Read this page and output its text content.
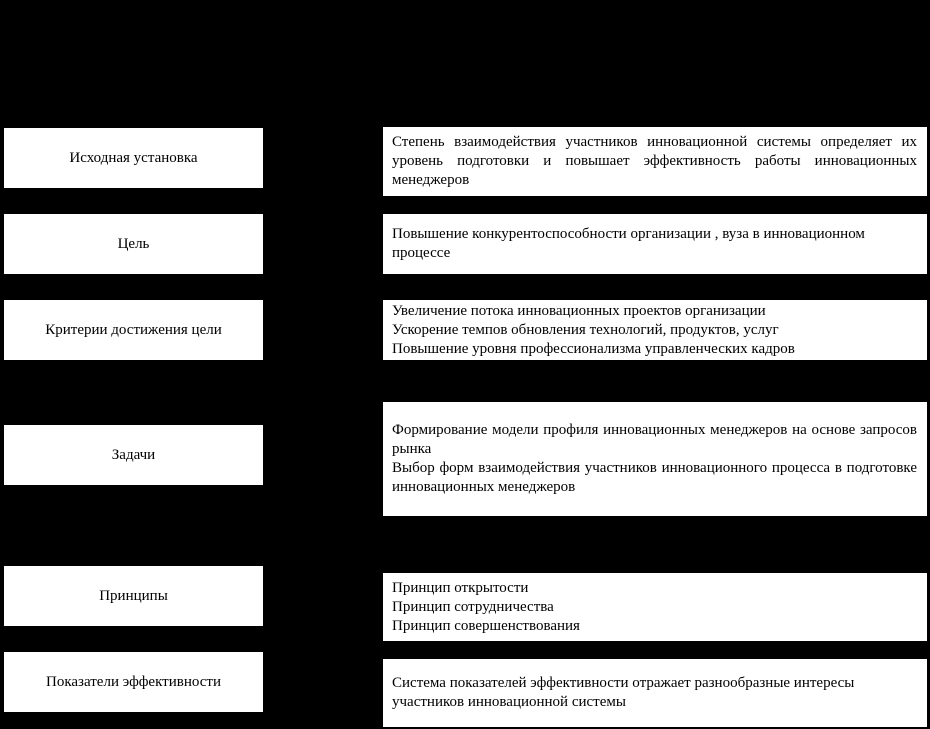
Исходная установка
Степень взаимодействия участников инновационной системы определяет их уровень подготовки и повышает эффективность работы инновационных менеджеров
Цель
Повышение конкурентоспособности организации , вуза в инновационном процессе
Критерии достижения цели
Увеличение потока инновационных проектов организации
Ускорение темпов обновления технологий, продуктов, услуг
Повышение уровня профессионализма управленческих кадров
Задачи
Формирование модели профиля инновационных менеджеров на основе запросов рынка
Выбор форм взаимодействия участников инновационного процесса в подготовке инновационных менеджеров
Принципы	Принцип открытости
Принцип сотрудничества
Принцип совершенствования
Показатели эффективности	Система показателей эффективности отражает разнообразные интересы участников инновационной системы
